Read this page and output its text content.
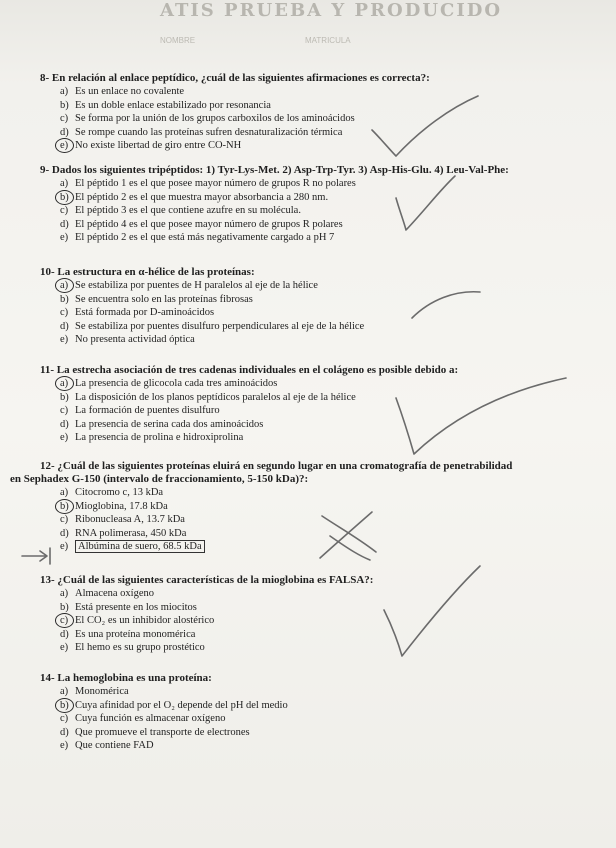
ATIS PRUEBA Y PRODUCIDO
NOMBRE	MATRICULA
8- En relación al enlace peptídico, ¿cuál de las siguientes afirmaciones es correcta?:
a) Es un enlace no covalente
b) Es un doble enlace estabilizado por resonancia
c) Se forma por la unión de los grupos carboxilos de los aminoácidos
d) Se rompe cuando las proteínas sufren desnaturalización térmica
e) No existe libertad de giro entre CO-NH
9- Dados los siguientes tripéptidos: 1) Tyr-Lys-Met. 2) Asp-Trp-Tyr. 3) Asp-His-Glu. 4) Leu-Val-Phe:
a) El péptido 1 es el que posee mayor número de grupos R no polares
b) El péptido 2 es el que muestra mayor absorbancia a 280 nm.
c) El péptido 3 es el que contiene azufre en su molécula.
d) El péptido 4 es el que posee mayor número de grupos R polares
e) El péptido 2 es el que está más negativamente cargado a pH 7
10- La estructura en α-hélice de las proteínas:
a) Se estabiliza por puentes de H paralelos al eje de la hélice
b) Se encuentra solo en las proteínas fibrosas
c) Está formada por D-aminoácidos
d) Se estabiliza por puentes disulfuro perpendiculares al eje de la hélice
e) No presenta actividad óptica
11- La estrecha asociación de tres cadenas individuales en el colágeno es posible debido a:
a) La presencia de glicocola cada tres aminoácidos
b) La disposición de los planos peptídicos paralelos al eje de la hélice
c) La formación de puentes disulfuro
d) La presencia de serina cada dos aminoácidos
e) La presencia de prolina e hidroxiprolina
12- ¿Cuál de las siguientes proteínas eluirá en segundo lugar en una cromatografía de penetrabilidad
en Sephadex G-150 (intervalo de fraccionamiento, 5-150 kDa)?:
a) Citocromo c, 13 kDa
b) Mioglobina, 17.8 kDa
c) Ribonucleasa A, 13.7 kDa
d) RNA polimerasa, 450 kDa
e) Albúmina de suero, 68.5 kDa
13- ¿Cuál de las siguientes características de la mioglobina es FALSA?:
a) Almacena oxígeno
b) Está presente en los miocitos
c) El CO₂ es un inhibidor alostérico
d) Es una proteína monomérica
e) El hemo es su grupo prostético
14- La hemoglobina es una proteína:
a) Monomérica
b) Cuya afinidad por el O₂ depende del pH del medio
c) Cuya función es almacenar oxígeno
d) Que promueve el transporte de electrones
e) Que contiene FAD
